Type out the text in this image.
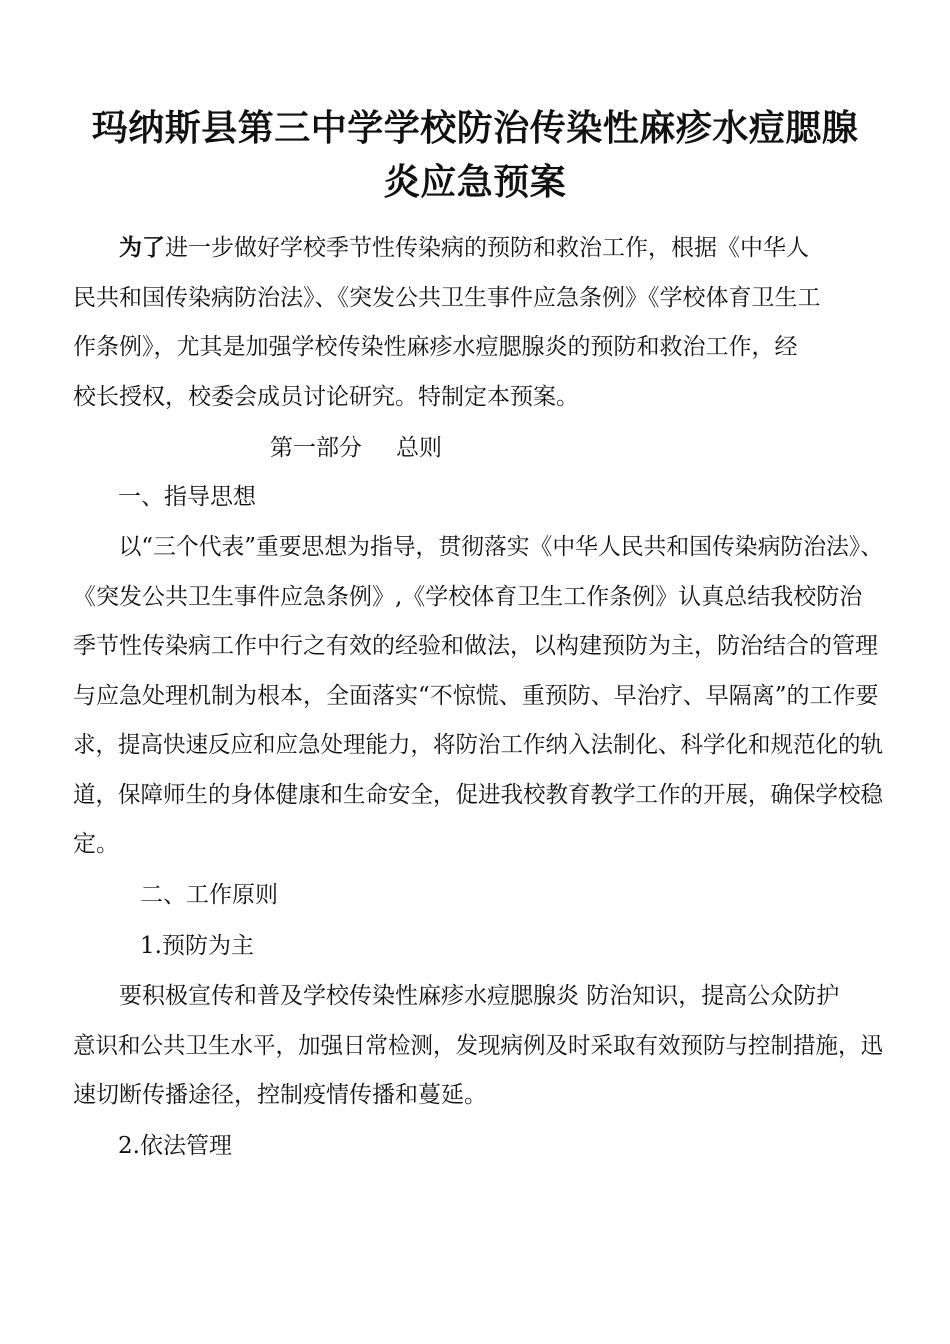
玛纳斯县第三中学学校防治传染性麻疹水痘腮腺
炎应急预案
为了进一步做好学校季节性传染病的预防和救治工作，根据《中华人
民共和国传染病防治法》、《突发公共卫生事件应急条例》《学校体育卫生工
作条例》，尤其是加强学校传染性麻疹水痘腮腺炎的预防和救治工作，经
校长授权，校委会成员讨论研究。特制定本预案。
第一部分 总则
一、指导思想
以“三个代表”重要思想为指导，贯彻落实《中华人民共和国传染病防治法》、
《突发公共卫生事件应急条例》,《学校体育卫生工作条例》认真总结我校防治
季节性传染病工作中行之有效的经验和做法，以构建预防为主，防治结合的管理
与应急处理机制为根本，全面落实“不惊慌、重预防、早治疗、早隔离”的工作要
求，提高快速反应和应急处理能力，将防治工作纳入法制化、科学化和规范化的轨
道，保障师生的身体健康和生命安全，促进我校教育教学工作的开展，确保学校稳
定。
二、工作原则
1.预防为主
要积极宣传和普及学校传染性麻疹水痘腮腺炎 防治知识，提高公众防护
意识和公共卫生水平，加强日常检测，发现病例及时采取有效预防与控制措施，迅
速切断传播途径，控制疫情传播和蔓延。
2.依法管理
